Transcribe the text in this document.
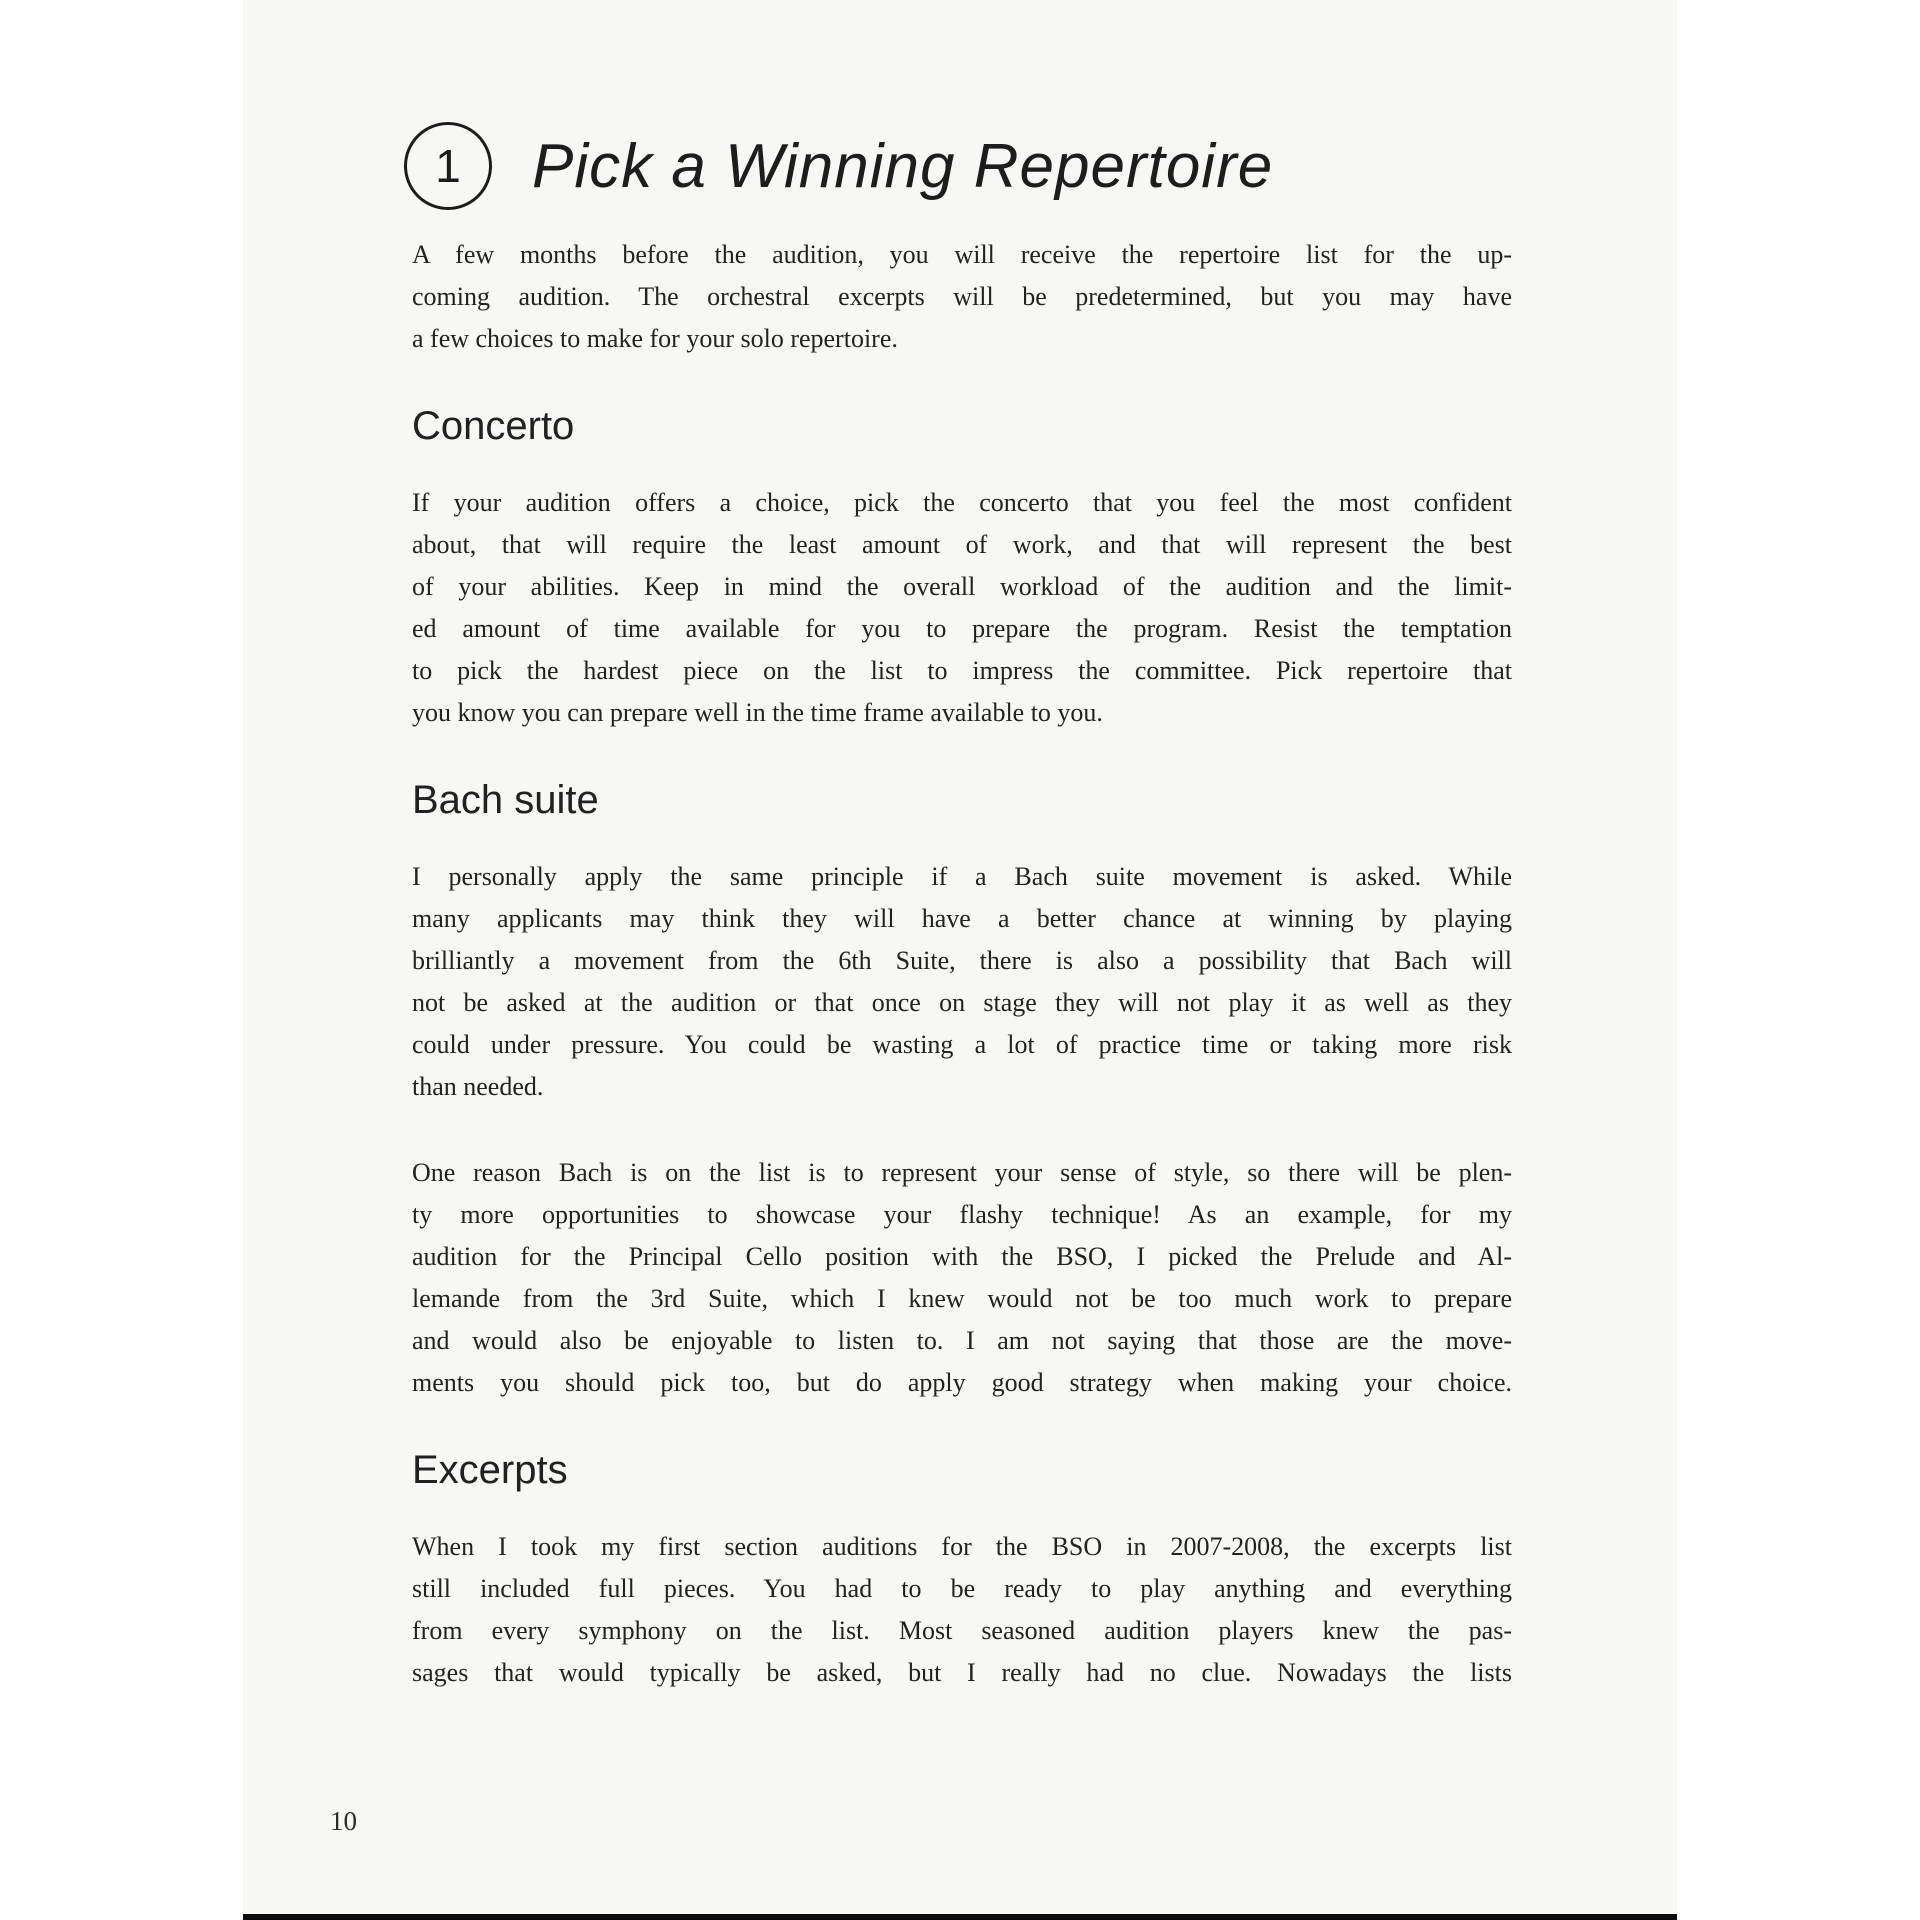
1 Pick a Winning Repertoire
A few months before the audition, you will receive the repertoire list for the up-
coming audition. The orchestral excerpts will be predetermined, but you may have
a few choices to make for your solo repertoire.
Concerto
If your audition offers a choice, pick the concerto that you feel the most confident
about, that will require the least amount of work, and that will represent the best
of your abilities. Keep in mind the overall workload of the audition and the limit-
ed amount of time available for you to prepare the program. Resist the temptation
to pick the hardest piece on the list to impress the committee. Pick repertoire that
you know you can prepare well in the time frame available to you.
Bach suite
I personally apply the same principle if a Bach suite movement is asked. While
many applicants may think they will have a better chance at winning by playing
brilliantly a movement from the 6th Suite, there is also a possibility that Bach will
not be asked at the audition or that once on stage they will not play it as well as they
could under pressure. You could be wasting a lot of practice time or taking more risk
than needed.
One reason Bach is on the list is to represent your sense of style, so there will be plen-
ty more opportunities to showcase your flashy technique! As an example, for my
audition for the Principal Cello position with the BSO, I picked the Prelude and Al-
lemande from the 3rd Suite, which I knew would not be too much work to prepare
and would also be enjoyable to listen to. I am not saying that those are the move-
ments you should pick too, but do apply good strategy when making your choice.
Excerpts
When I took my first section auditions for the BSO in 2007-2008, the excerpts list
still included full pieces. You had to be ready to play anything and everything
from every symphony on the list. Most seasoned audition players knew the pas-
sages that would typically be asked, but I really had no clue. Nowadays the lists
10
